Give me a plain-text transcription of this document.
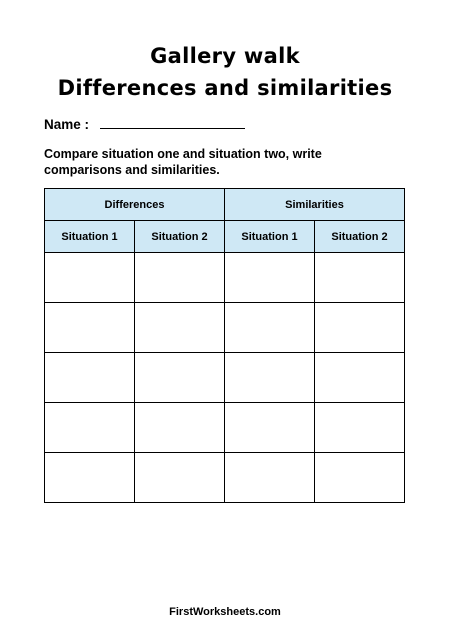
Gallery walk
Differences and similarities
Name :
Compare situation one and situation two, write comparisons and similarities.
Differences		Similarities	
Situation 1	Situation 2	Situation 1	Situation 2

FirstWorksheets.com
